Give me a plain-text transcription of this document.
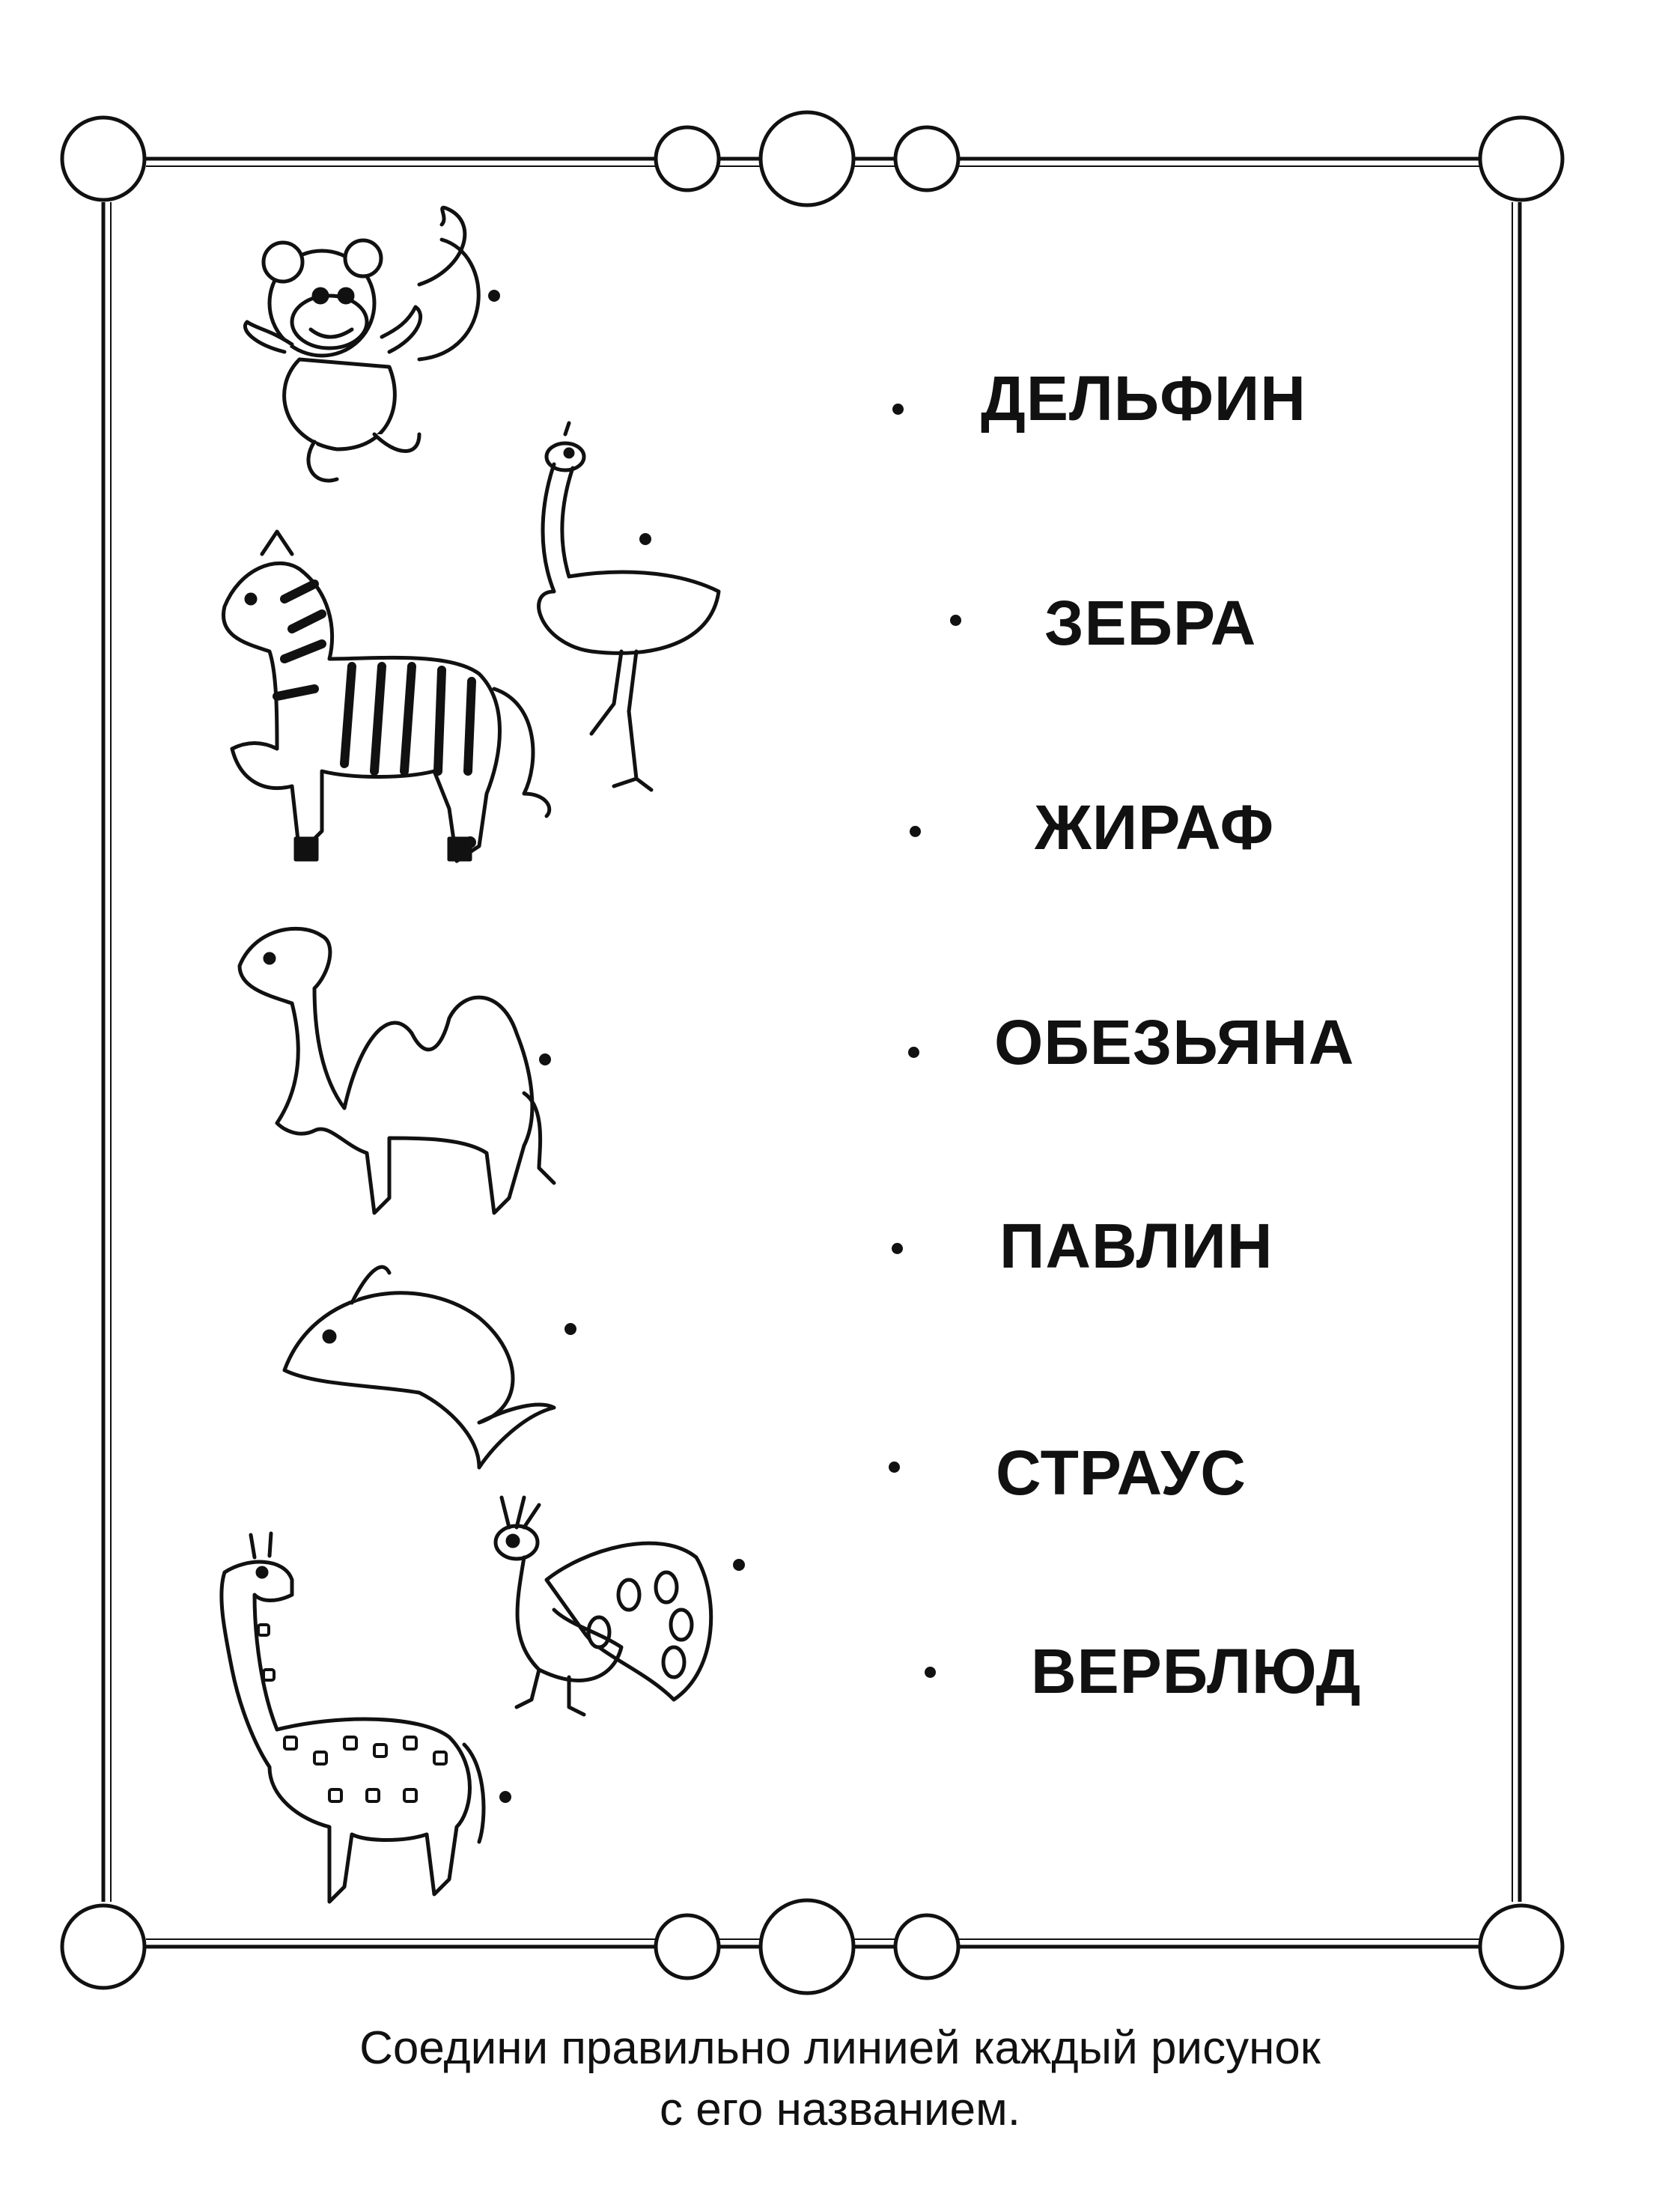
ДЕЛЬФИН
ЗЕБРА
ЖИРАФ
ОБЕЗЬЯНА
ПАВЛИН
СТРАУС
ВЕРБЛЮД
Соедини правильно линией каждый рисунок
с его названием.
